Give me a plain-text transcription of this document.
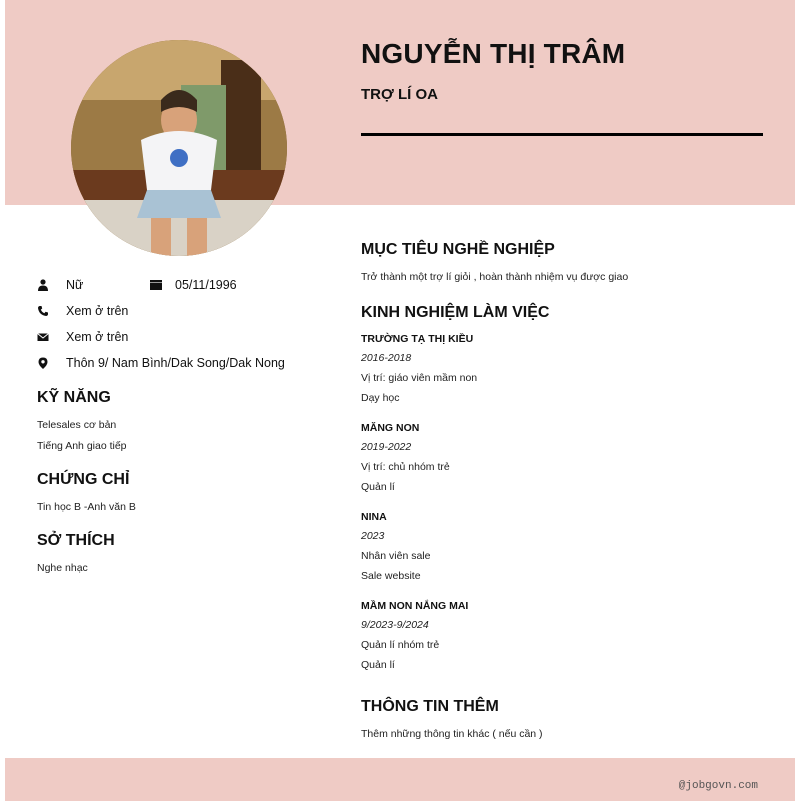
NGUYỄN THỊ TRÂM
TRỢ LÍ OA
Nữ	05/11/1996
Xem ở trên
Xem ở trên
Thôn 9/ Nam Bình/Dak Song/Dak Nong
KỸ NĂNG
Telesales cơ bản
Tiếng Anh giao tiếp
CHỨNG CHỈ
Tin học B -Anh văn B
SỞ THÍCH
Nghe nhạc
MỤC TIÊU NGHỀ NGHIỆP
Trở thành một trợ lí giỏi , hoàn thành nhiệm vụ được giao
KINH NGHIỆM LÀM VIỆC
TRƯỜNG TẠ THỊ KIỀU
2016-2018
Vị trí: giáo viên mầm non
Dạy học
MĂNG NON
2019-2022
Vị trí: chủ nhóm trẻ
Quản lí
NINA
2023
Nhân viên sale
Sale website
MẦM NON NẮNG MAI
9/2023-9/2024
Quản lí nhóm trẻ
Quản lí
THÔNG TIN THÊM
Thêm những thông tin khác ( nếu cần )
@jobgovn.com
